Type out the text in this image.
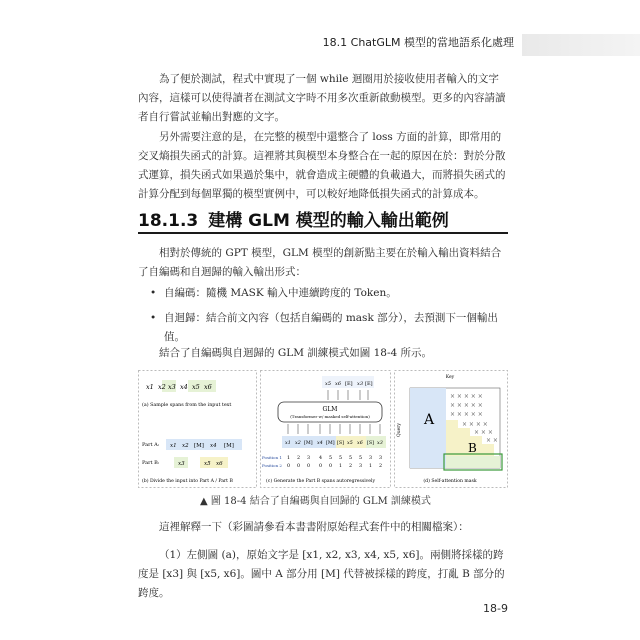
18.1 ChatGLM 模型的當地語系化處理

為了便於測試，程式中實現了一個 while 迴圈用於接收使用者輸入的文字內容，這樣可以使得讀者在測試文字時不用多次重新啟動模型。更多的內容請讀者自行嘗試並輸出對應的文字。

另外需要注意的是，在完整的模型中還整合了 loss 方面的計算，即常用的交叉熵損失函式的計算。這裡將其與模型本身整合在一起的原因在於：對於分散式運算，損失函式如果過於集中，就會造成主硬體的負載過大，而將損失函式的計算分配到每個單獨的模型實例中，可以較好地降低損失函式的計算成本。

18.1.3 建構 GLM 模型的輸入輸出範例

相對於傳統的 GPT 模型，GLM 模型的創新點主要在於輸入輸出資料結合了自編碼和自迴歸的輸入輸出形式：

• 自編碼：隨機 MASK 輸入中連續跨度的 Token。
• 自迴歸：結合前文內容（包括自編碼的 mask 部分），去預測下一個輸出值。

結合了自編碼與自迴歸的 GLM 訓練模式如圖 18-4 所示。

x1 x2 x3 x4 x5 x6
(a) Sample spans from the input text
Part A: x1 x2 [M] x4 [M]
Part B:	x3	x5 x6
(b) Divide the input into Part A / Part B
x5 x6 [E] x3 [E]
GLM
(Transformer w/ masked self-attention)
x1 x2 [M] x4 [M] [S] x5 x6 [S] x3
Position 1
Position 2
1 2 3 4 5 5 5 5 3 3
0 0 0 0 0 1 2 3 1 2
(c) Generate the Part B spans autoregressively
Key
Query
× × × × ×
× × × × ×
× × × × ×
× × × ×
× × ×
× ×
A
B
(d) Self-attention mask
▲ 圖 18-4 結合了自編碼與自回歸的 GLM 訓練模式

這裡解釋一下（彩圖請參看本書書附原始程式套件中的相關檔案）：

（1）左側圖 (a)，原始文字是 [x1, x2, x3, x4, x5, x6]。兩側將採樣的跨度是 [x3] 與 [x5, x6]。圖中 A 部分用 [M] 代替被採樣的跨度，打亂 B 部分的跨度。

18-9
